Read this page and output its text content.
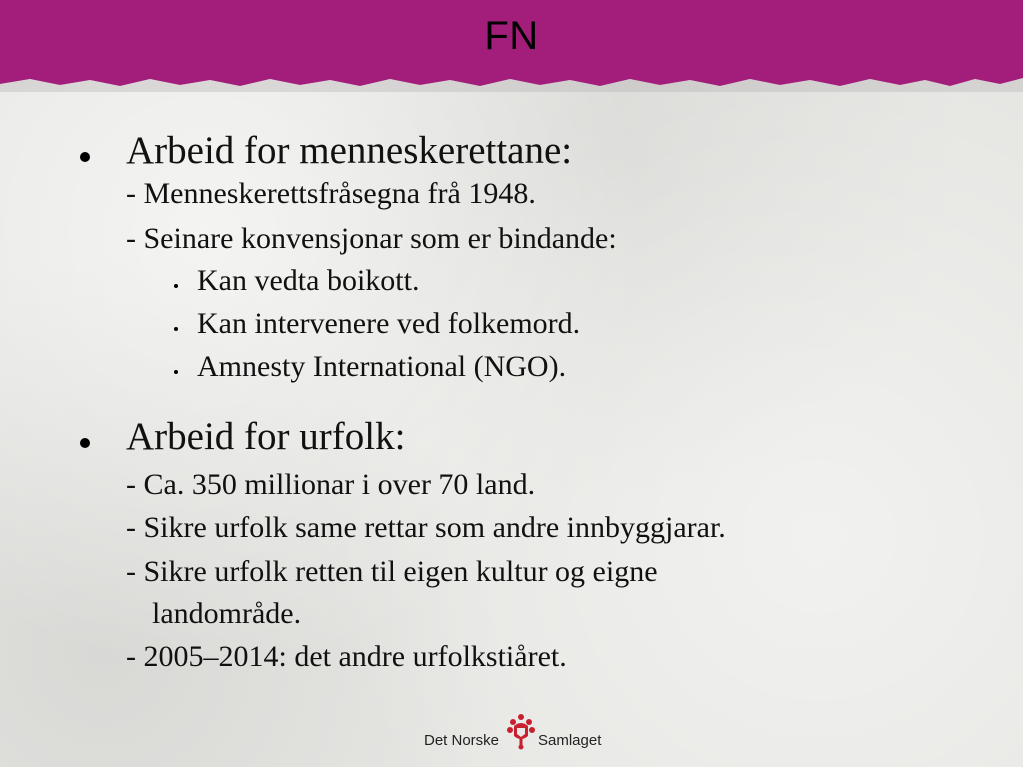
FN
Arbeid for menneskerettane:
- Menneskerettsfråsegna frå 1948.
- Seinare konvensjonar som er bindande:
Kan vedta boikott.
Kan intervenere ved folkemord.
Amnesty International (NGO).
Arbeid for urfolk:
- Ca. 350 millionar i over 70 land.
- Sikre urfolk same rettar som andre innbyggjarar.
- Sikre urfolk retten til eigen kultur og eigne
landområde.
- 2005–2014: det andre urfolkstiåret.
Det Norske	Samlaget
